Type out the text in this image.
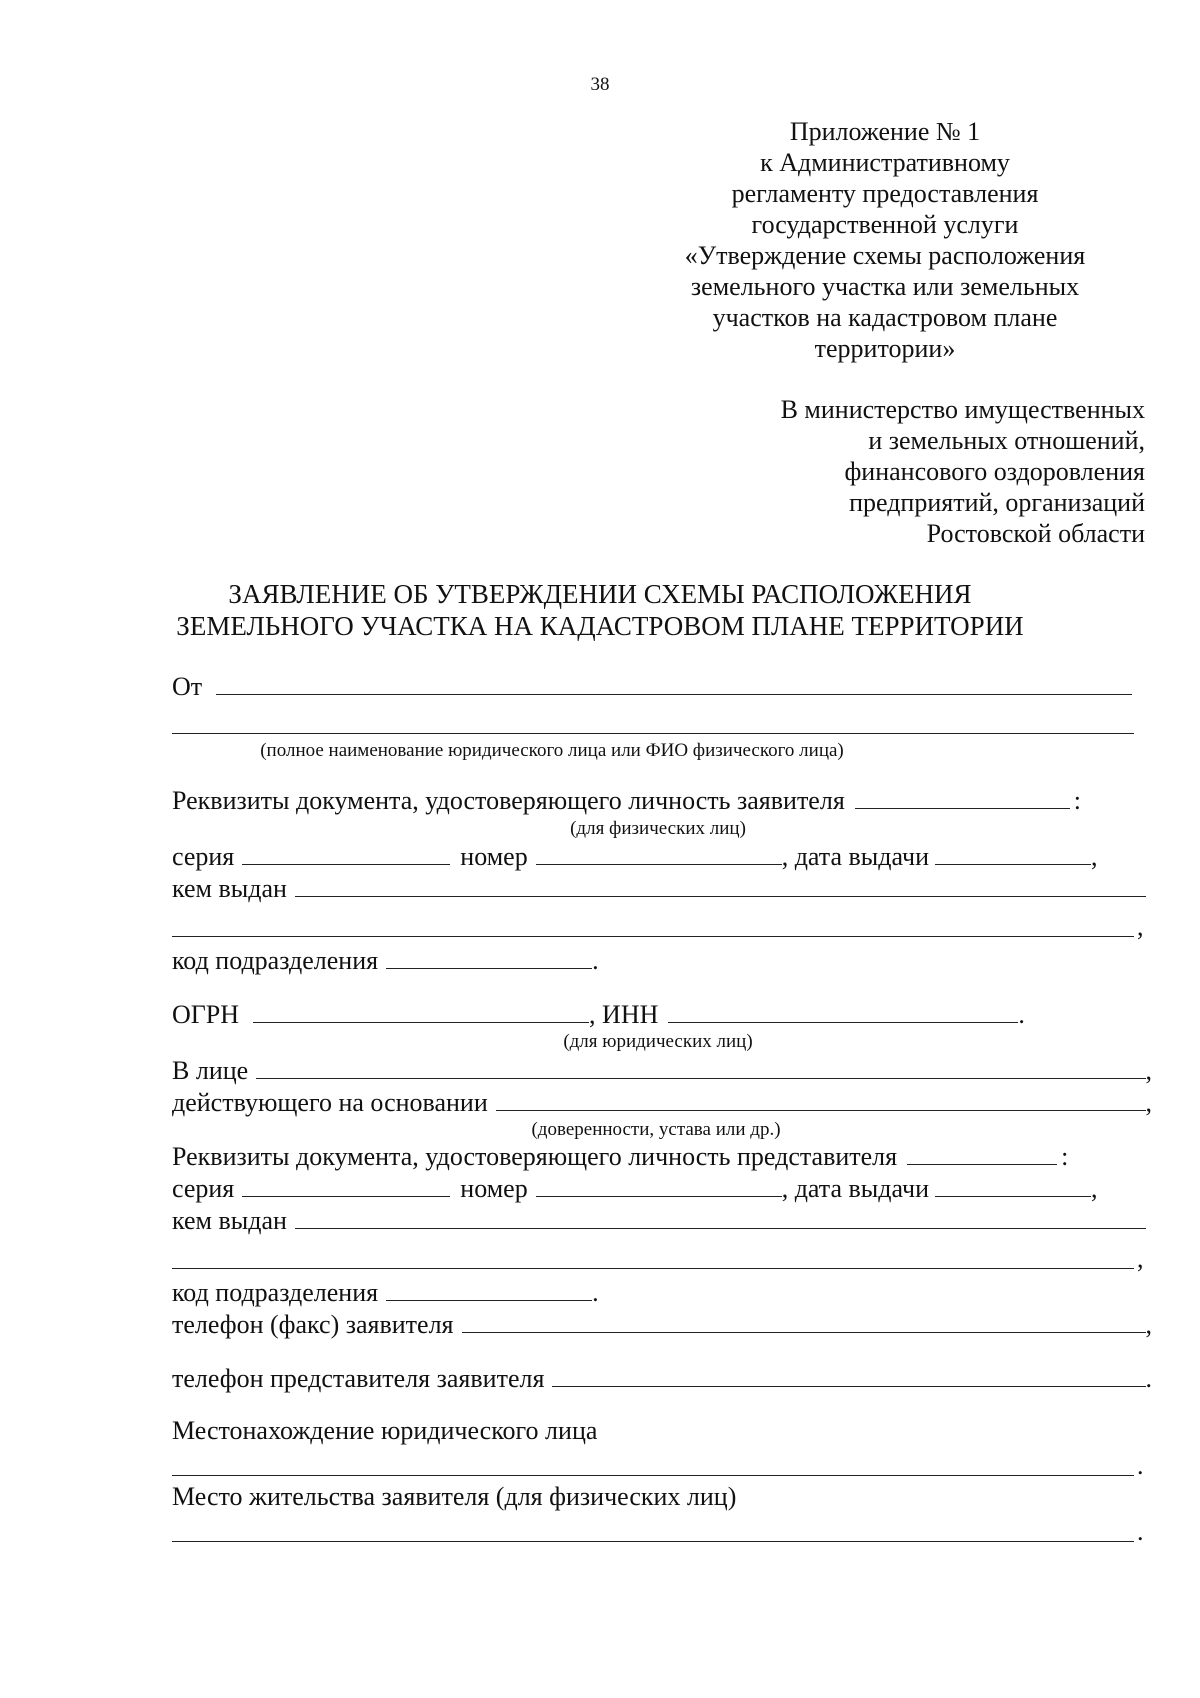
38
Приложение № 1
к Административному
регламенту предоставления
государственной услуги
«Утверждение схемы расположения
земельного участка или земельных
участков на кадастровом плане
территории»
В министерство имущественных
и земельных отношений,
финансового оздоровления
предприятий, организаций
Ростовской области
ЗАЯВЛЕНИЕ ОБ УТВЕРЖДЕНИИ СХЕМЫ РАСПОЛОЖЕНИЯ
ЗЕМЕЛЬНОГО УЧАСТКА НА КАДАСТРОВОМ ПЛАНЕ ТЕРРИТОРИИ
От
(полное наименование юридического лица или ФИО физического лица)
Реквизиты документа, удостоверяющего личность заявителя	:
(для физических лиц)
серия	номер	, дата выдачи	,
кем выдан
,
код подразделения	.
ОГРН	, ИНН	.
(для юридических лиц)
В лице	,
действующего на основании	,
(доверенности, устава или др.)
Реквизиты документа, удостоверяющего личность представителя	:
серия	номер	, дата выдачи	,
кем выдан
,
код подразделения	.
телефон (факс) заявителя	,
телефон представителя заявителя	.
Местонахождение юридического лица
.
Место жительства заявителя (для физических лиц)
.
